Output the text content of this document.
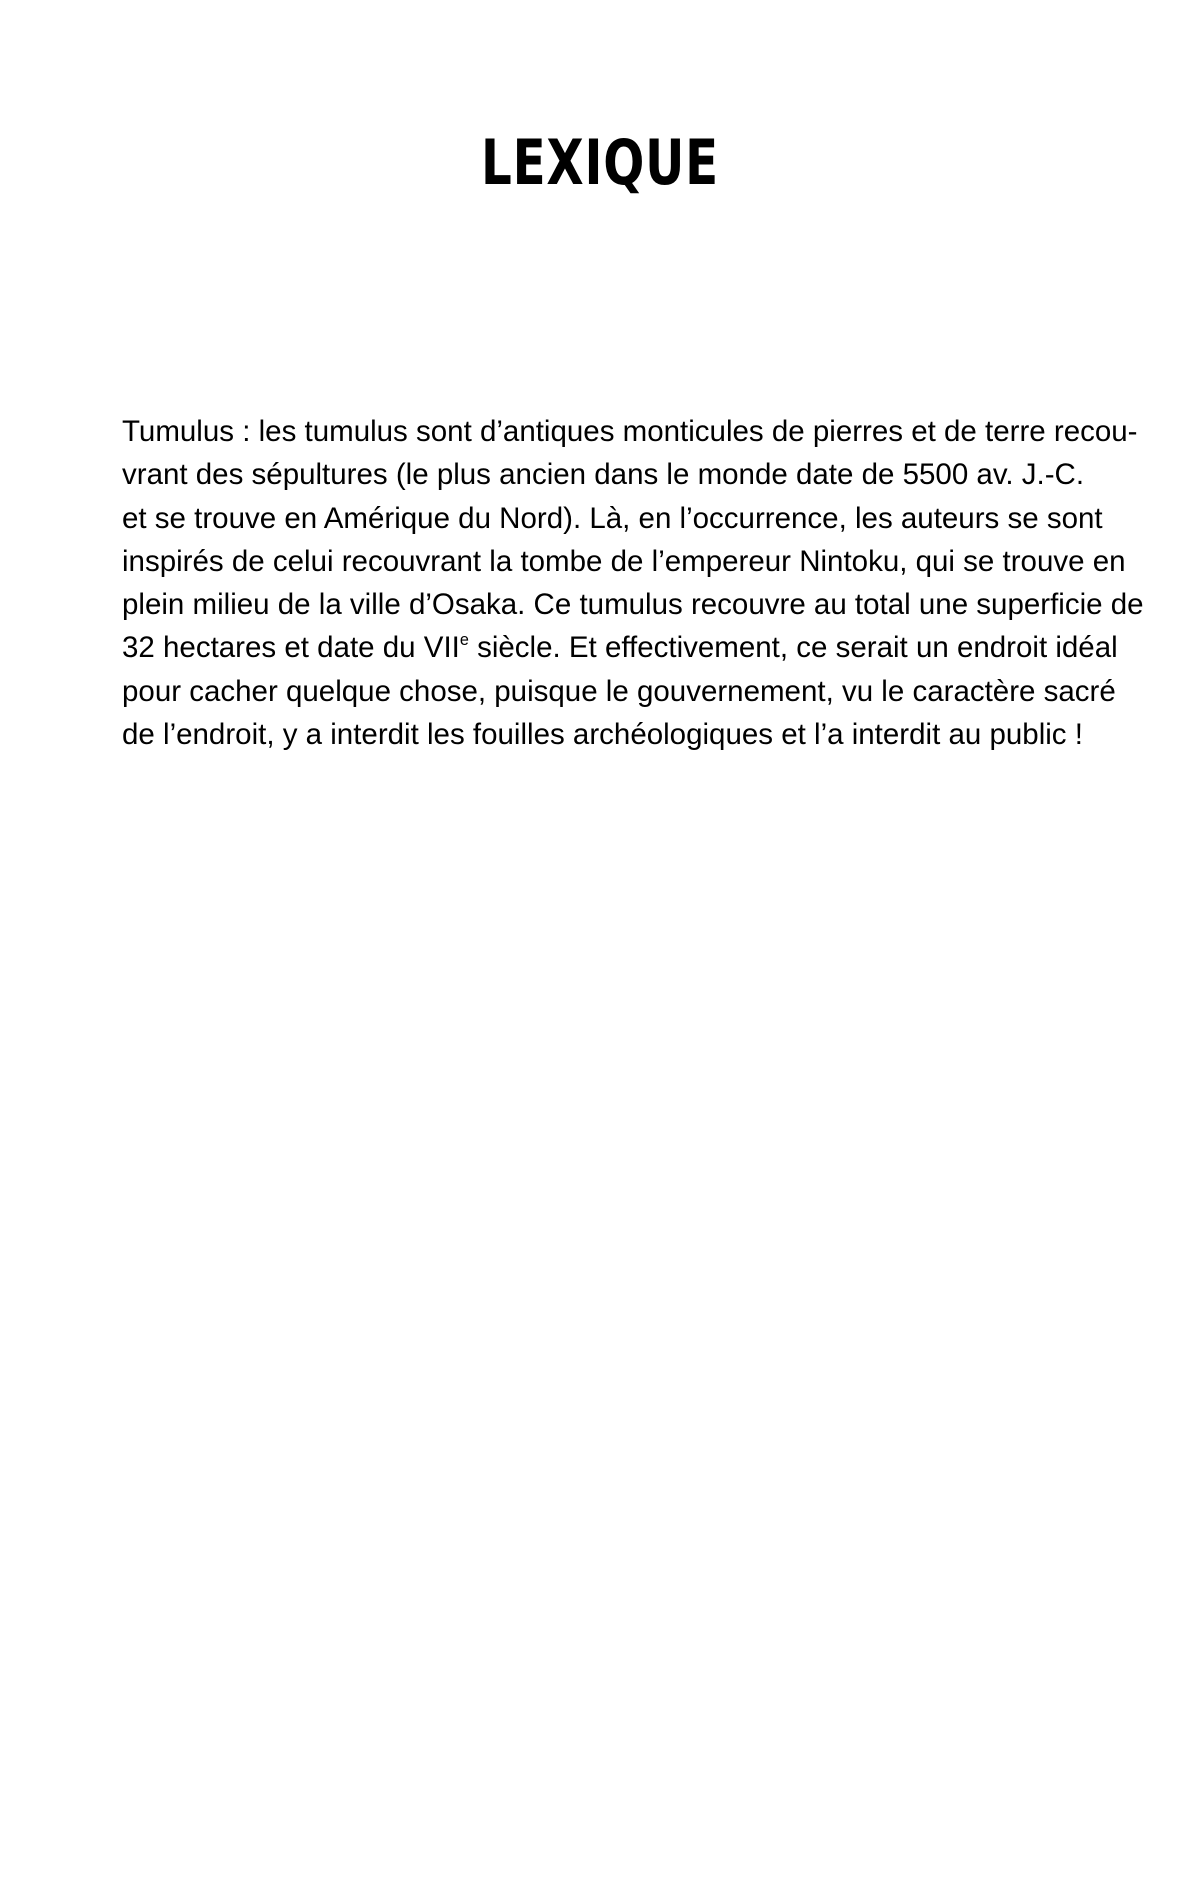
LEXIQUE
Tumulus : les tumulus sont d’antiques monticules de pierres et de terre recou-
vrant des sépultures (le plus ancien dans le monde date de 5500 av. J.-C.
et se trouve en Amérique du Nord). Là, en l’occurrence, les auteurs se sont
inspirés de celui recouvrant la tombe de l’empereur Nintoku, qui se trouve en
plein milieu de la ville d’Osaka. Ce tumulus recouvre au total une superficie de
32 hectares et date du VIIe siècle. Et effectivement, ce serait un endroit idéal
pour cacher quelque chose, puisque le gouvernement, vu le caractère sacré
de l’endroit, y a interdit les fouilles archéologiques et l’a interdit au public !
